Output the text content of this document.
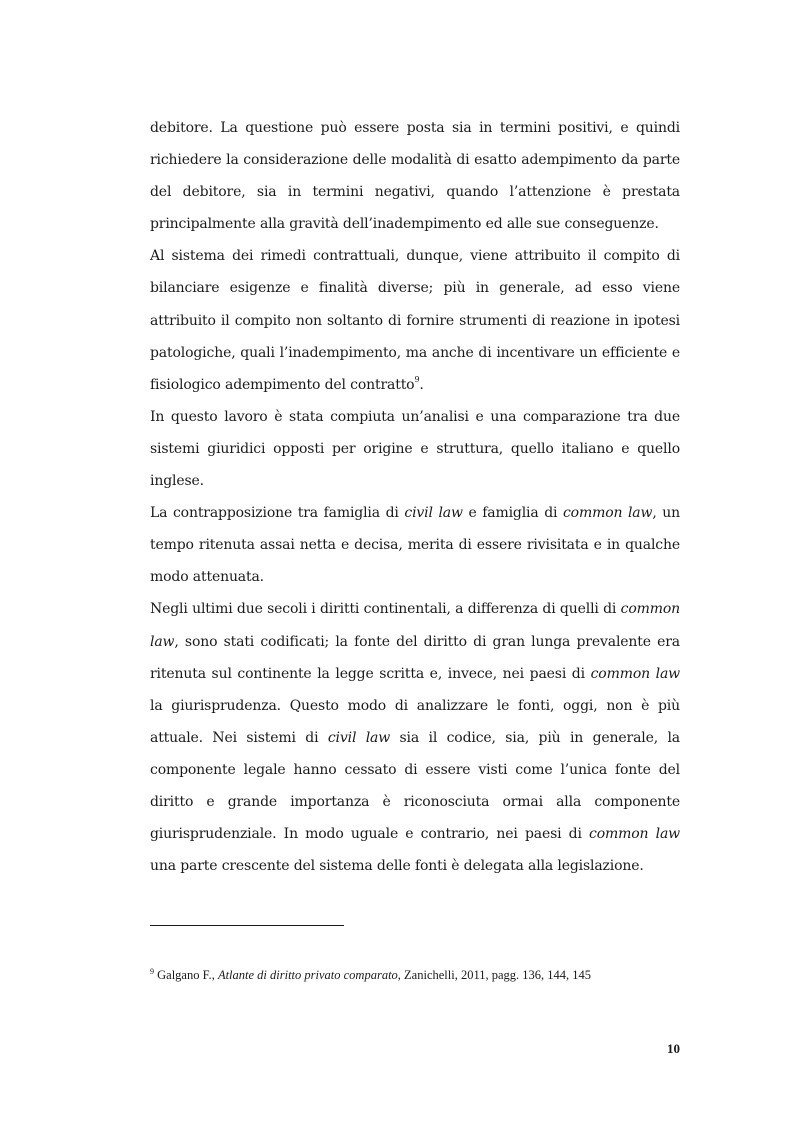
debitore. La questione può essere posta sia in termini positivi, e quindi richiedere la considerazione delle modalità di esatto adempimento da parte del debitore, sia in termini negativi, quando l’attenzione è prestata principalmente alla gravità dell’inadempimento ed alle sue conseguenze.

Al sistema dei rimedi contrattuali, dunque, viene attribuito il compito di bilanciare esigenze e finalità diverse; più in generale, ad esso viene attribuito il compito non soltanto di fornire strumenti di reazione in ipotesi patologiche, quali l’inadempimento, ma anche di incentivare un efficiente e fisiologico adempimento del contratto$^9$.

In questo lavoro è stata compiuta un’analisi e una comparazione tra due sistemi giuridici opposti per origine e struttura, quello italiano e quello inglese.

La contrapposizione tra famiglia di civil law e famiglia di common law, un tempo ritenuta assai netta e decisa, merita di essere rivisitata e in qualche modo attenuata.

Negli ultimi due secoli i diritti continentali, a differenza di quelli di common law, sono stati codificati; la fonte del diritto di gran lunga prevalente era ritenuta sul continente la legge scritta e, invece, nei paesi di common law la giurisprudenza. Questo modo di analizzare le fonti, oggi, non è più attuale. Nei sistemi di civil law sia il codice, sia, più in generale, la componente legale hanno cessato di essere visti come l’unica fonte del diritto e grande importanza è riconosciuta ormai alla componente giurisprudenziale. In modo uguale e contrario, nei paesi di common law una parte crescente del sistema delle fonti è delegata alla legislazione.

$^9$ Galgano F., Atlante di diritto privato comparato, Zanichelli, 2011, pagg. 136, 144, 145
10
